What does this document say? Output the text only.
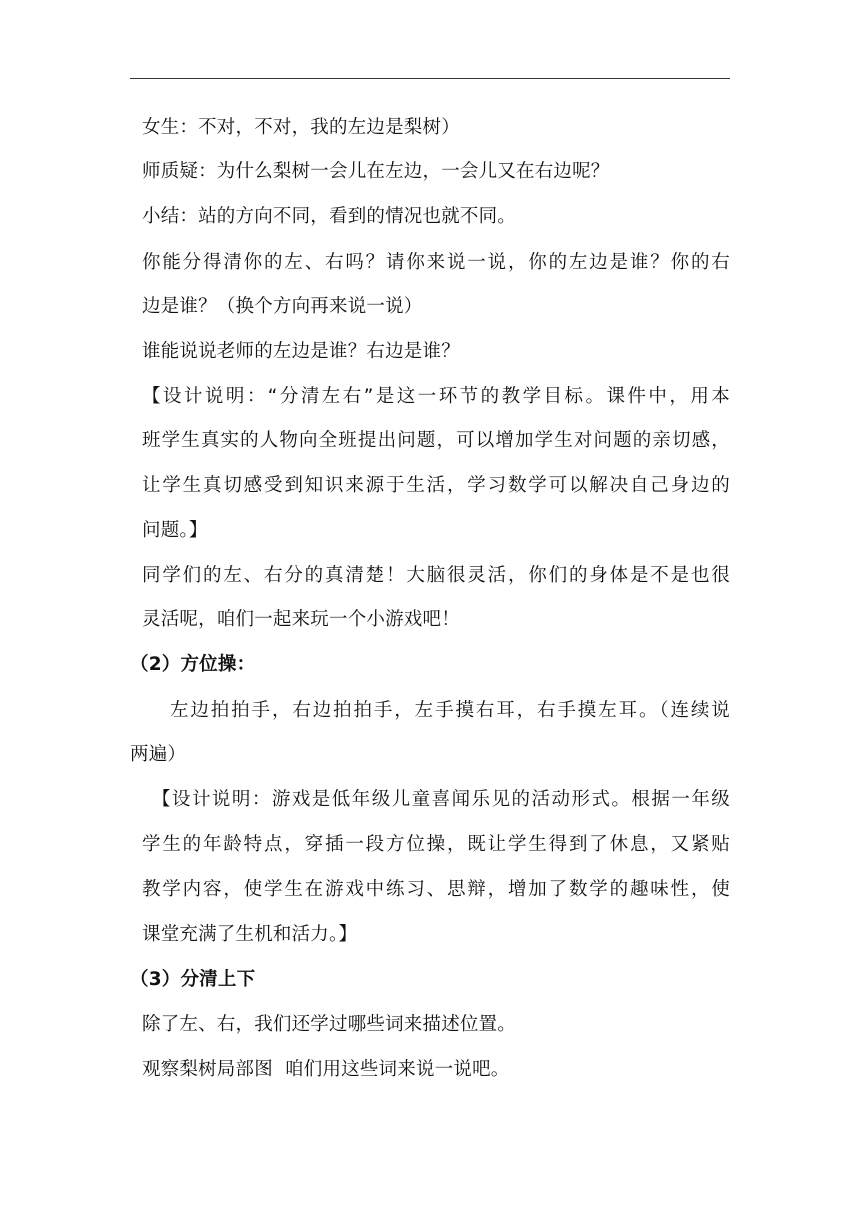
女生：不对，不对，我的左边是梨树）
师质疑：为什么梨树一会儿在左边，一会儿又在右边呢？
小结：站的方向不同，看到的情况也就不同。
你能分得清你的左、右吗？请你来说一说，你的左边是谁？你的右
边是谁？（换个方向再来说一说）
谁能说说老师的左边是谁？右边是谁？
【设计说明：“分清左右”是这一环节的教学目标。课件中，用本
班学生真实的人物向全班提出问题，可以增加学生对问题的亲切感，
让学生真切感受到知识来源于生活，学习数学可以解决自己身边的
问题。】
同学们的左、右分的真清楚！大脑很灵活，你们的身体是不是也很
灵活呢，咱们一起来玩一个小游戏吧！
（2）方位操：
左边拍拍手，右边拍拍手，左手摸右耳，右手摸左耳。（连续说
两遍）
【设计说明：游戏是低年级儿童喜闻乐见的活动形式。根据一年级
学生的年龄特点，穿插一段方位操，既让学生得到了休息，又紧贴
教学内容，使学生在游戏中练习、思辩，增加了数学的趣味性，使
课堂充满了生机和活力。】
（3）分清上下
除了左、右，我们还学过哪些词来描述位置。
观察梨树局部图  咱们用这些词来说一说吧。
